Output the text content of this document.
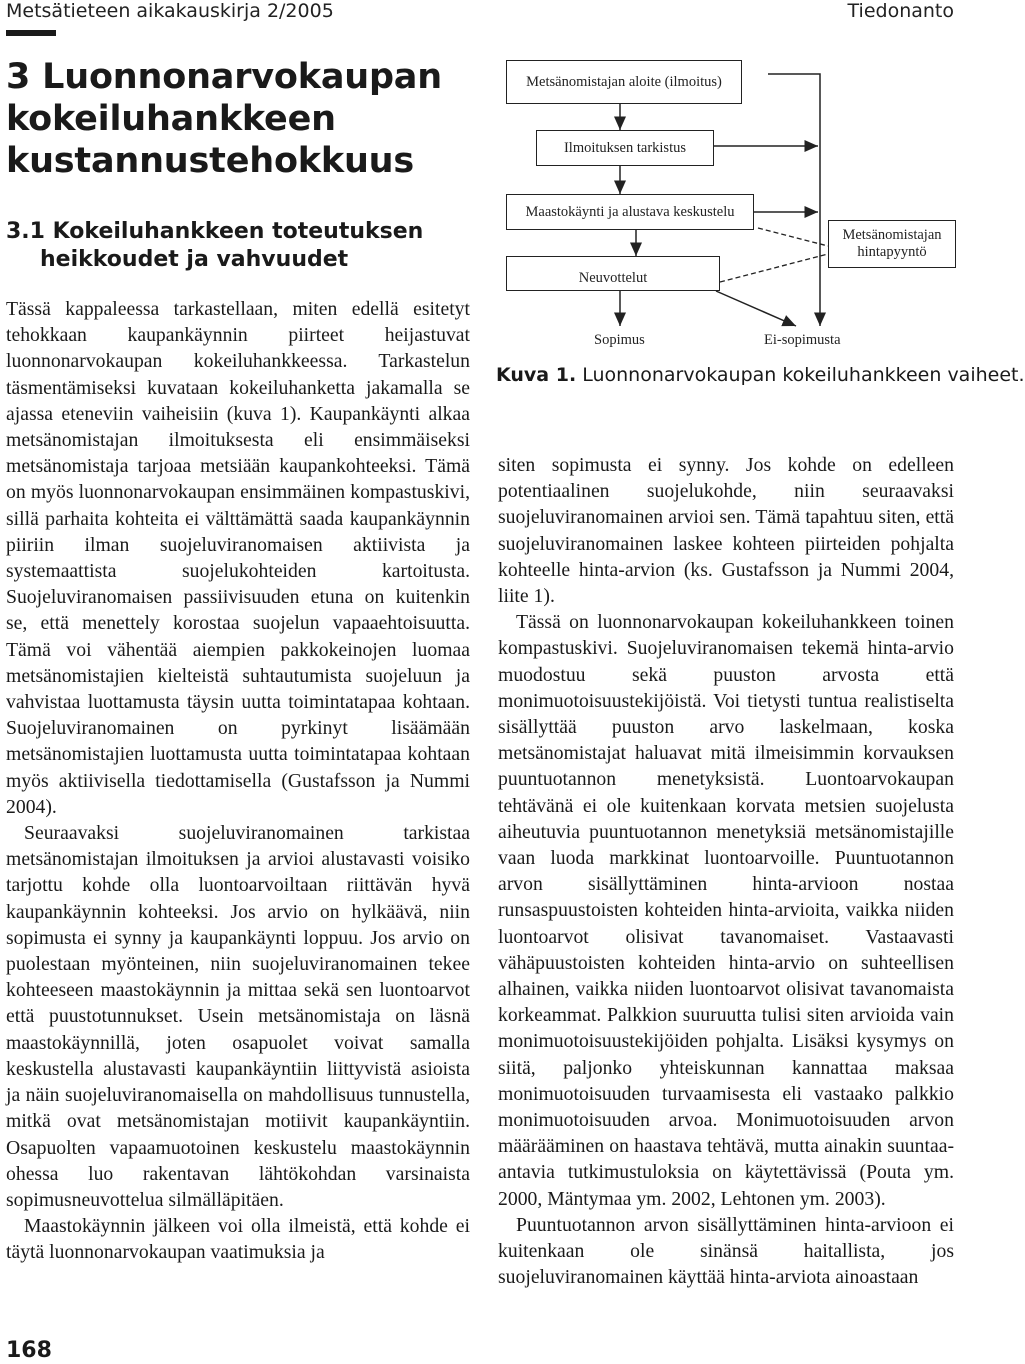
Metsätieteen aikakauskirja 2/2005	Tiedonanto
3 Luonnonarvokaupan
kokeiluhankkeen
kustannustehokkuus
3.1 Kokeiluhankkeen toteutuksen
heikkoudet ja vahvuudet
Metsänomistajan aloite (ilmoitus)
Ilmoituksen tarkistus
Maastokäynti ja alustava keskustelu
Neuvottelut
Metsänomistajan
hintapyyntö
Sopimus	Ei-sopimusta
Kuva 1. Luonnonarvokaupan kokeiluhankkeen vaiheet.

Tässä kappaleessa tarkastellaan, miten edellä esitetyt tehokkaan kaupankäynnin piirteet heijastuvat luonnonarvokaupan kokeiluhankkeessa. Tarkastelun täsmentämiseksi kuvataan kokeiluhanketta jakamalla se ajassa eteneviin vaiheisiin (kuva 1). Kaupankäynti alkaa metsänomistajan ilmoituksesta eli ensimmäiseksi metsänomistaja tarjoaa metsiään kaupankohteeksi. Tämä on myös luonnonarvokaupan ensimmäinen kompastuskivi, sillä parhaita kohteita ei välttämättä saada kaupankäynnin piiriin ilman suojeluviranomaisen aktiivista ja systemaattista suojelukohteiden kartoitusta. Suojeluviranomaisen passiivisuuden etuna on kuitenkin se, että menettely korostaa suojelun vapaaehtoisuutta. Tämä voi vähentää aiempien pakkokeinojen luomaa metsänomistajien kielteistä suhtautumista suojeluun ja vahvistaa luottamusta täysin uutta toimintatapaa kohtaan. Suojeluviranomainen on pyrkinyt lisäämään metsänomistajien luottamusta uutta toimintatapaa kohtaan myös aktiivisella tiedottamisella (Gustafsson ja Nummi 2004).

Seuraavaksi suojeluviranomainen tarkistaa metsänomistajan ilmoituksen ja arvioi alustavasti voisiko tarjottu kohde olla luontoarvoiltaan riittävän hyvä kaupankäynnin kohteeksi. Jos arvio on hylkäävä, niin sopimusta ei synny ja kaupankäynti loppuu. Jos arvio on puolestaan myönteinen, niin suojeluviranomainen tekee kohteeseen maastokäynnin ja mittaa sekä sen luontoarvot että puustotunnukset. Usein metsänomistaja on läsnä maastokäynnillä, joten osapuolet voivat samalla keskustella alustavasti kaupankäyntiin liittyvistä asioista ja näin suojeluviranomaisella on mahdollisuus tunnustella, mitkä ovat metsänomistajan motiivit kaupankäyntiin. Osapuolten vapaamuotoinen keskustelu maastokäynnin ohessa luo rakentavan lähtökohdan varsinaista sopimusneuvottelua silmälläpitäen.

Maastokäynnin jälkeen voi olla ilmeistä, että kohde ei täytä luonnonarvokaupan vaatimuksia ja

siten sopimusta ei synny. Jos kohde on edelleen potentiaalinen suojelukohde, niin seuraavaksi suojeluviranomainen arvioi sen. Tämä tapahtuu siten, että suojeluviranomainen laskee kohteen piirteiden pohjalta kohteelle hinta-arvion (ks. Gustafsson ja Nummi 2004, liite 1).

Tässä on luonnonarvokaupan kokeiluhankkeen toinen kompastuskivi. Suojeluviranomaisen tekemä hinta-arvio muodostuu sekä puuston arvosta että monimuotoisuustekijöistä. Voi tietysti tuntua realistiselta sisällyttää puuston arvo laskelmaan, koska metsänomistajat haluavat mitä ilmeisimmin korvauksen puuntuotannon menetyksistä. Luontoarvokaupan tehtävänä ei ole kuitenkaan korvata metsien suojelusta aiheutuvia puuntuotannon menetyksiä metsänomistajille vaan luoda markkinat luontoarvoille. Puuntuotannon arvon sisällyttäminen hinta-arvioon nostaa runsaspuustoisten kohteiden hinta-arvioita, vaikka niiden luontoarvot olisivat tavanomaiset. Vastaavasti vähäpuustoisten kohteiden hinta-arvio on suhteellisen alhainen, vaikka niiden luontoarvot olisivat tavanomaista korkeammat. Palkkion suuruutta tulisi siten arvioida vain monimuotoisuustekijöiden pohjalta. Lisäksi kysymys on siitä, paljonko yhteiskunnan kannattaa maksaa monimuotoisuuden turvaamisesta eli vastaako palkkio monimuotoisuuden arvoa. Monimuotoisuuden arvon määrääminen on haastava tehtävä, mutta ainakin suuntaa-antavia tutkimustuloksia on käytettävissä (Pouta ym. 2000, Mäntymaa ym. 2002, Lehtonen ym. 2003).

Puuntuotannon arvon sisällyttäminen hinta-arvioon ei kuitenkaan ole sinänsä haitallista, jos suojeluviranomainen käyttää hinta-arviota ainoastaan

168
